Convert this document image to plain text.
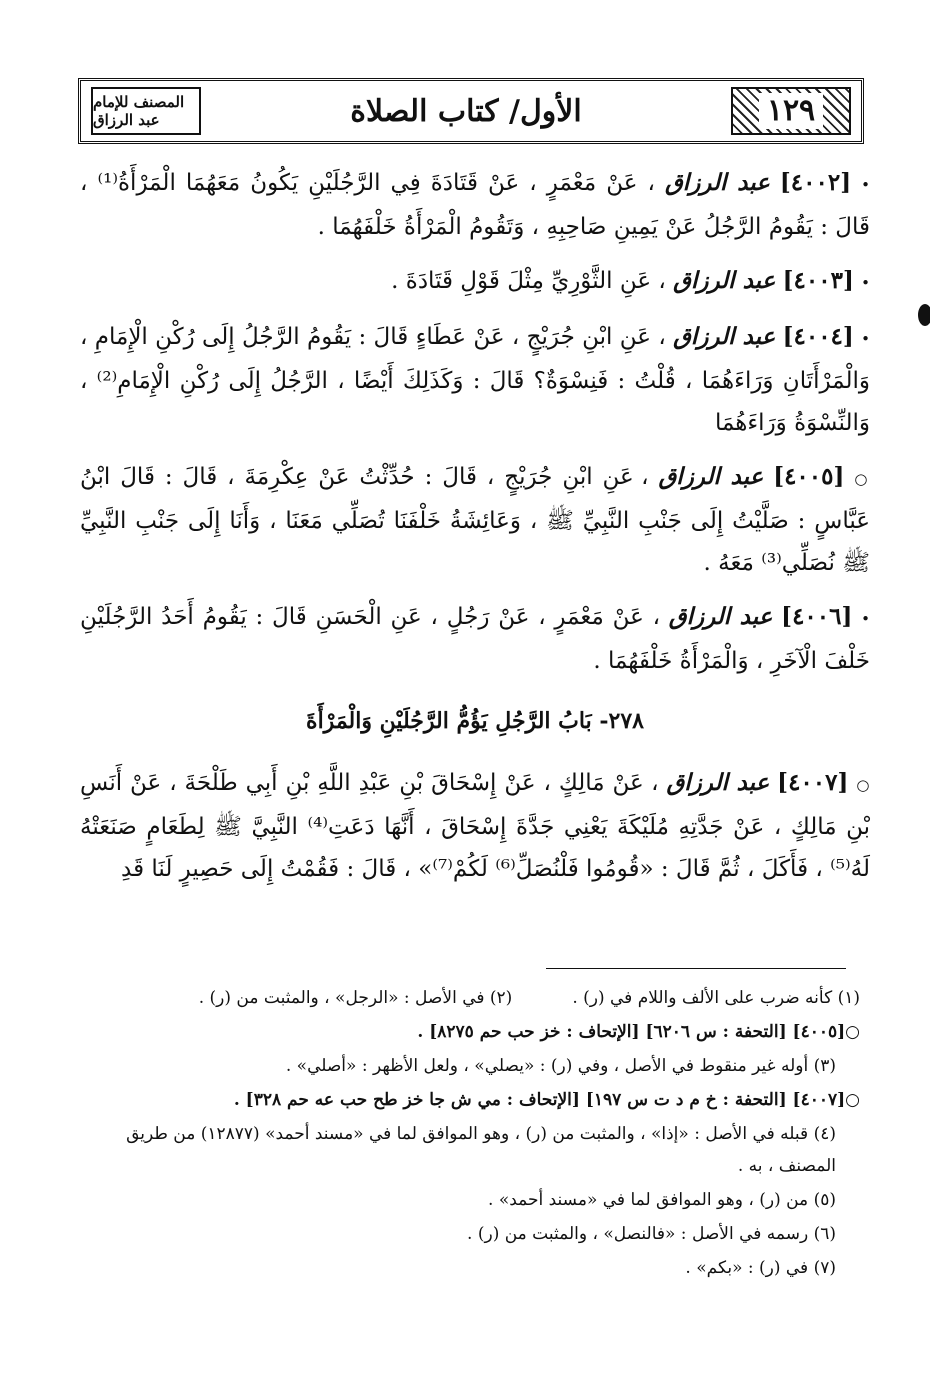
المصنف للإمام عبد الرزاق	الأول/ كتاب الصلاة	١٢٩

• [٤٠٠٢] عبد الرزاق ، عَنْ مَعْمَرٍ ، عَنْ قَتَادَةَ فِي الرَّجُلَيْنِ يَكُونُ مَعَهُمَا الْمَرْأَةُ⁽¹⁾ ، قَالَ : يَقُومُ الرَّجُلُ عَنْ يَمِينِ صَاحِبِهِ ، وَتَقُومُ الْمَرْأَةُ خَلْفَهُمَا .

• [٤٠٠٣] عبد الرزاق ، عَنِ الثَّوْرِيِّ مِثْلَ قَوْلِ قَتَادَةَ .

• [٤٠٠٤] عبد الرزاق ، عَنِ ابْنِ جُرَيْجٍ ، عَنْ عَطَاءٍ قَالَ : يَقُومُ الرَّجُلُ إِلَى رُكْنِ الْإِمَامِ ، وَالْمَرْأَتَانِ وَرَاءَهُمَا ، قُلْتُ : فَنِسْوَةٌ؟ قَالَ : وَكَذَلِكَ أَيْضًا ، الرَّجُلُ إِلَى رُكْنِ الْإِمَامِ⁽²⁾ ، وَالنِّسْوَةُ وَرَاءَهُمَا

○ [٤٠٠٥] عبد الرزاق ، عَنِ ابْنِ جُرَيْجٍ ، قَالَ : حُدِّثْتُ عَنْ عِكْرِمَةَ ، قَالَ : قَالَ ابْنُ عَبَّاسٍ : صَلَّيْتُ إِلَى جَنْبِ النَّبِيِّ ﷺ ، وَعَائِشَةُ خَلْفَنَا تُصَلِّي مَعَنَا ، وَأَنَا إِلَى جَنْبِ النَّبِيِّ ﷺ نُصَلِّي⁽³⁾ مَعَهُ .

• [٤٠٠٦] عبد الرزاق ، عَنْ مَعْمَرٍ ، عَنْ رَجُلٍ ، عَنِ الْحَسَنِ قَالَ : يَقُومُ أَحَدُ الرَّجُلَيْنِ خَلْفَ الْآخَرِ ، وَالْمَرْأَةُ خَلْفَهُمَا .

٢٧٨- بَابُ الرَّجُلِ يَؤُمُّ الرَّجُلَيْنِ وَالْمَرْأَةَ

○ [٤٠٠٧] عبد الرزاق ، عَنْ مَالِكٍ ، عَنْ إِسْحَاقَ بْنِ عَبْدِ اللَّهِ بْنِ أَبِي طَلْحَةَ ، عَنْ أَنَسِ بْنِ مَالِكٍ ، عَنْ جَدَّتِهِ مُلَيْكَةَ يَعْنِي جَدَّةَ إِسْحَاقَ ، أَنَّهَا دَعَتِ⁽⁴⁾ النَّبِيَّ ﷺ لِطَعَامٍ صَنَعَتْهُ لَهُ⁽⁵⁾ ، فَأَكَلَ ، ثُمَّ قَالَ : «قُومُوا فَلْنُصَلِّ⁽⁶⁾ لَكُمْ⁽⁷⁾» ، قَالَ : فَقُمْتُ إِلَى حَصِيرٍ لَنَا قَدِ

(١) كأنه ضرب على الألف واللام في (ر) .
(٢) في الأصل : «الرجل» ، والمثبت من (ر) .
○[٤٠٠٥] [التحفة : س ٦٢٠٦] [الإتحاف : خز حب حم ٨٢٧٥] .
(٣) أوله غير منقوط في الأصل ، وفي (ر) : «يصلي» ، ولعل الأظهر : «أصلي» .
○[٤٠٠٧] [التحفة : خ م د ت س ١٩٧] [الإتحاف : مي ش جا خز طح حب عه حم ٣٢٨] .
(٤) قبله في الأصل : «إذا» ، والمثبت من (ر) ، وهو الموافق لما في «مسند أحمد» (١٢٨٧٧) من طريق المصنف ، به .
(٥) من (ر) ، وهو الموافق لما في «مسند أحمد» .
(٦) رسمه في الأصل : «فالنصل» ، والمثبت من (ر) .
(٧) في (ر) : «بكم» .
